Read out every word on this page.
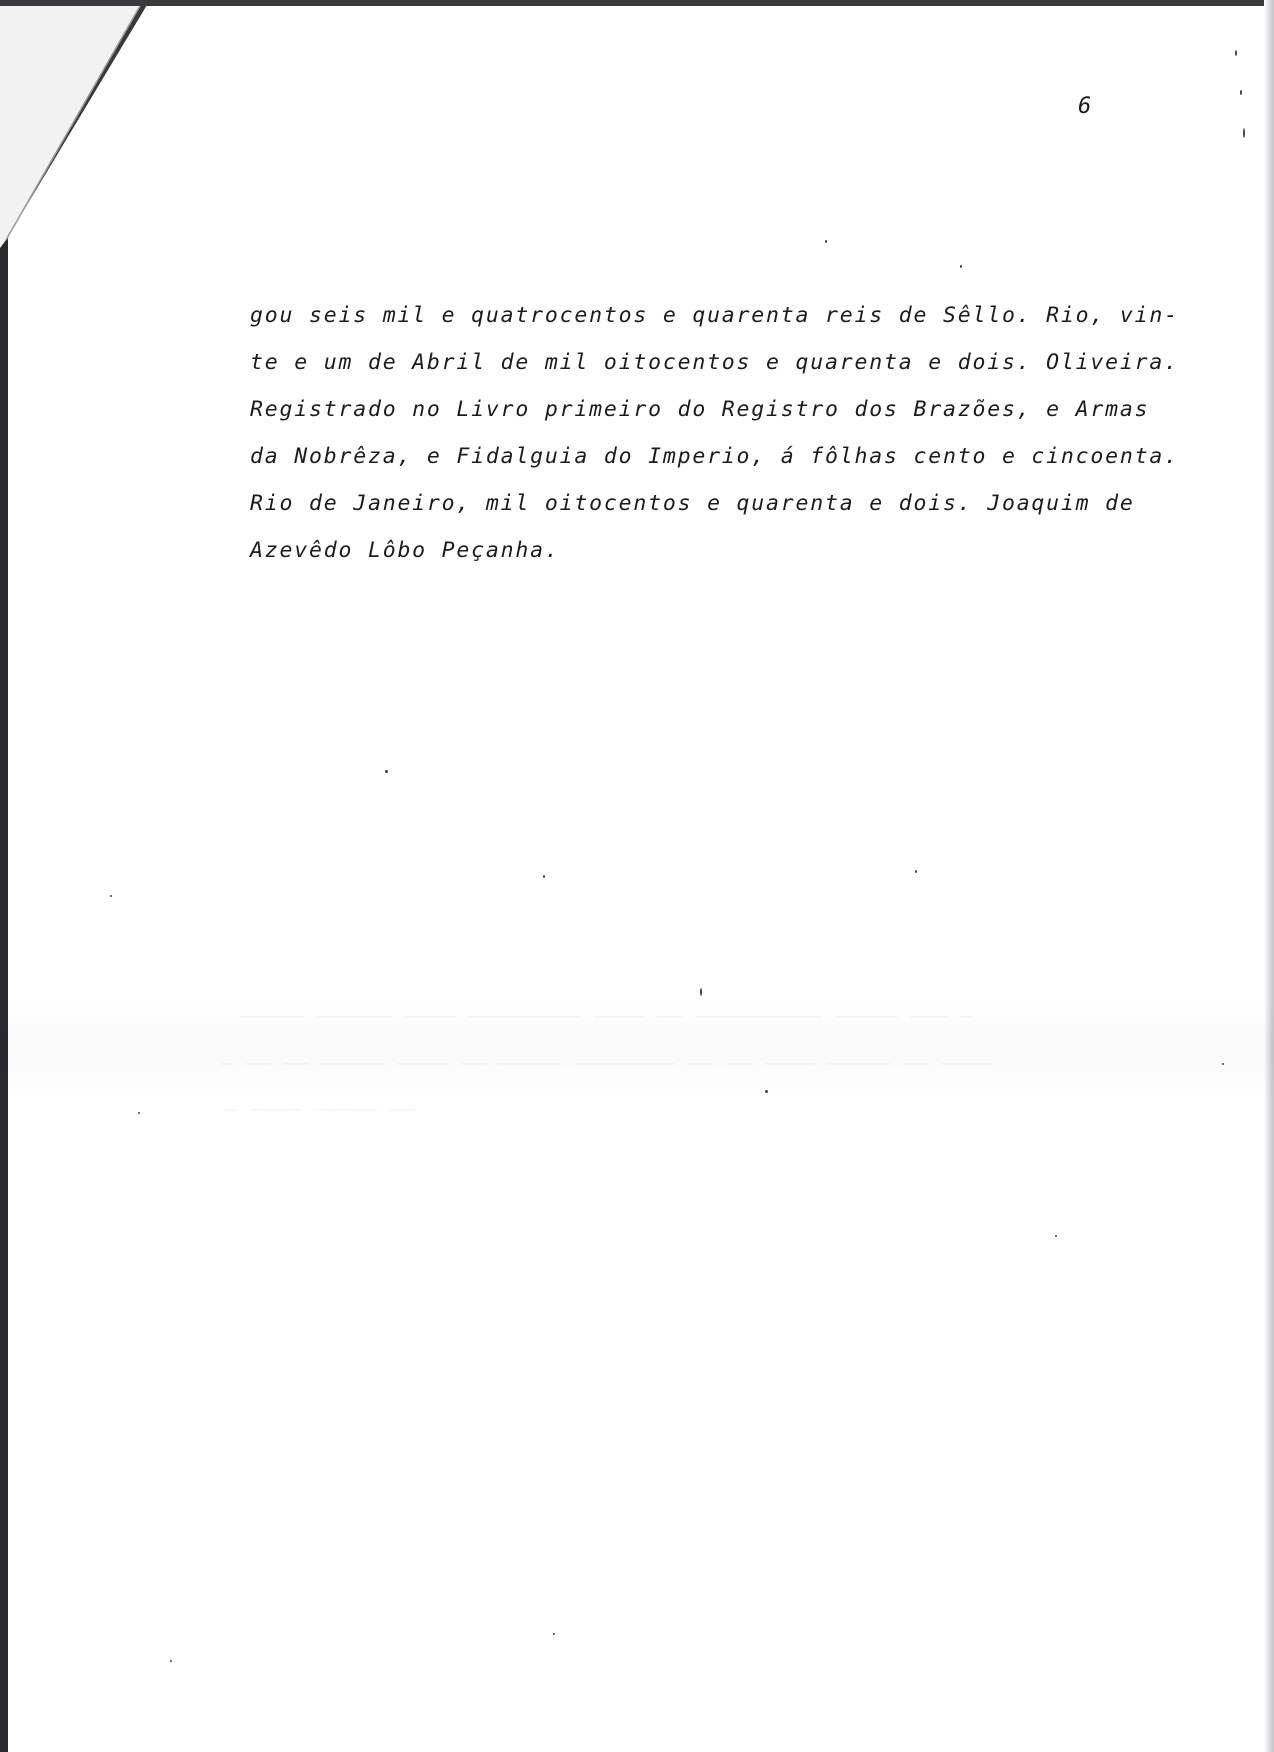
6

gou seis mil e quatrocentos e quarenta reis de Sêllo. Rio, vin-
te e um de Abril de mil oitocentos e quarenta e dois. Oliveira.
Registrado no Livro primeiro do Registro dos Brazões, e Armas
da Nobrêza, e Fidalguia do Imperio, á fôlhas cento e cincoenta.
Rio de Janeiro, mil oitocentos e quarenta e dois. Joaquim de
Azevêdo Lôbo Peçanha.
